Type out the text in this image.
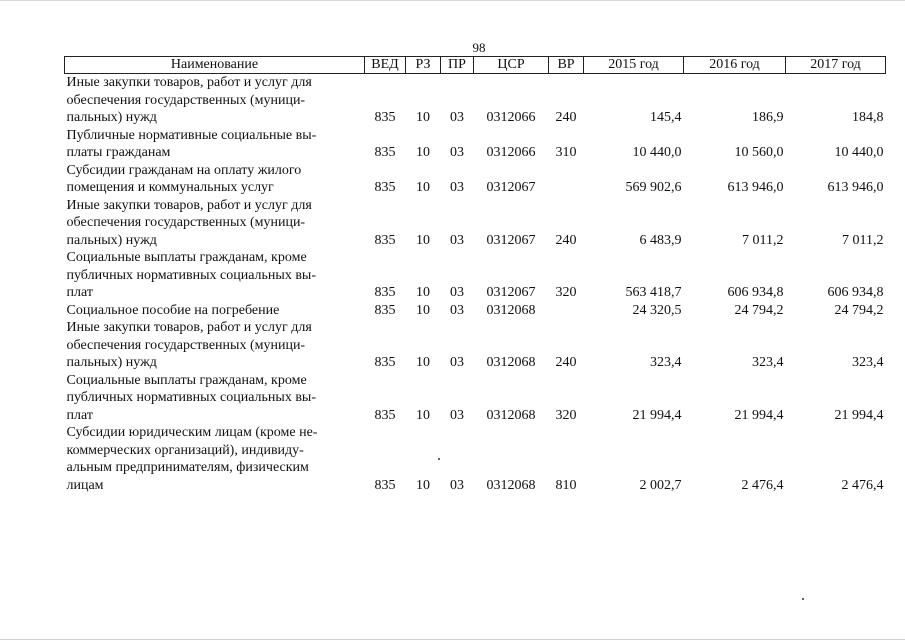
98
Наименование	ВЕД	РЗ	ПР	ЦСР	ВР	2015 год	2016 год	2017 год

Иные закупки товаров, работ и услуг для
обеспечения государственных (муници-
пальных) нужд	835	10	03	0312066	240	145,4	186,9	184,8

Публичные нормативные социальные вы-
платы гражданам	835	10	03	0312066	310	10 440,0	10 560,0	10 440,0

Субсидии гражданам на оплату жилого
помещения и коммунальных услуг	835	10	03	0312067		569 902,6	613 946,0	613 946,0

Иные закупки товаров, работ и услуг для
обеспечения государственных (муници-
пальных) нужд	835	10	03	0312067	240	6 483,9	7 011,2	7 011,2

Социальные выплаты гражданам, кроме
публичных нормативных социальных вы-
плат	835	10	03	0312067	320	563 418,7	606 934,8	606 934,8

Социальное пособие на погребение	835	10	03	0312068		24 320,5	24 794,2	24 794,2

Иные закупки товаров, работ и услуг для
обеспечения государственных (муници-
пальных) нужд	835	10	03	0312068	240	323,4	323,4	323,4

Социальные выплаты гражданам, кроме
публичных нормативных социальных вы-
плат	835	10	03	0312068	320	21 994,4	21 994,4	21 994,4

Субсидии юридическим лицам (кроме не-
коммерческих организаций), индивиду-
альным предпринимателям, физическим
лицам	835	10	03	0312068	810	2 002,7	2 476,4	2 476,4
